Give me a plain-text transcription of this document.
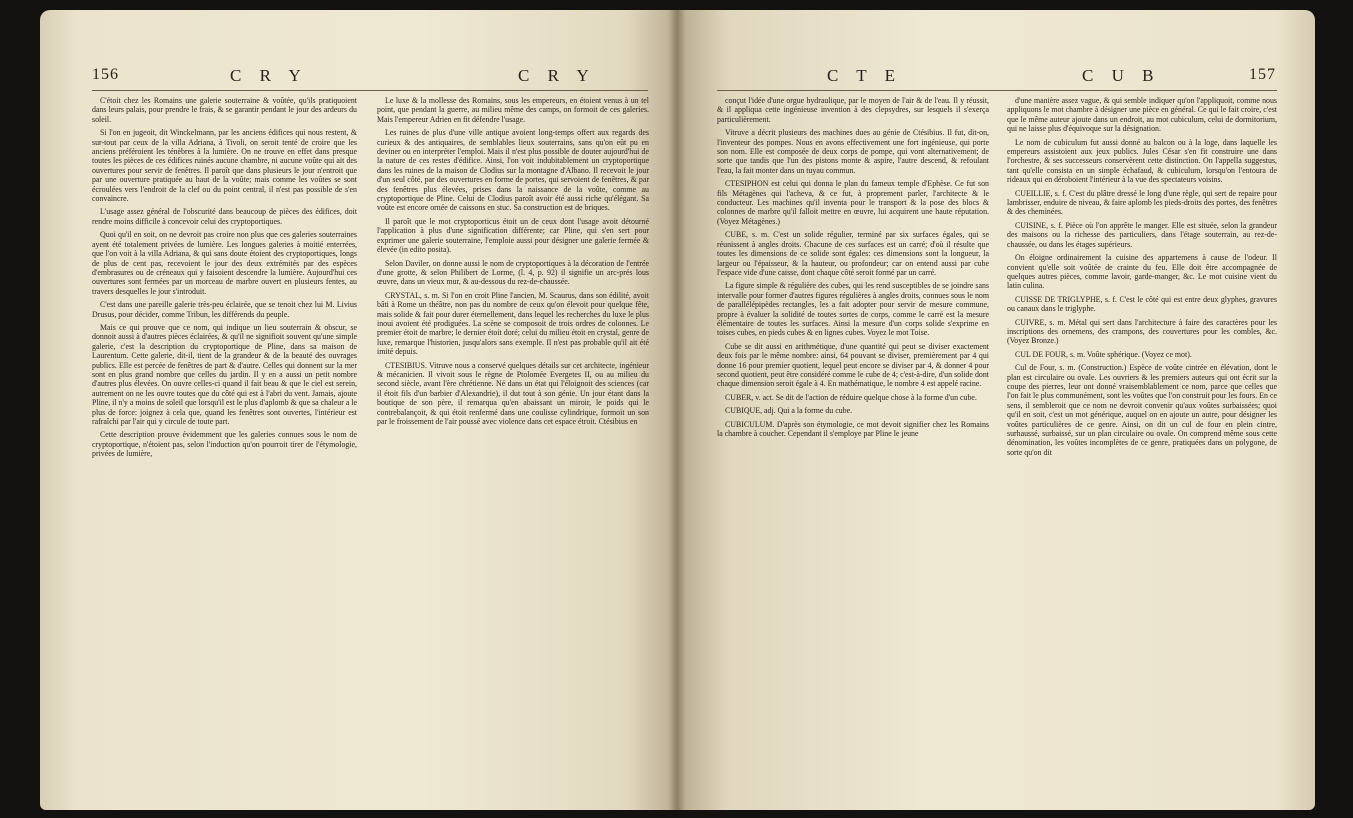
156	C R Y	C R Y

C'étoit chez les Romains une galerie souterraine & voûtée, qu'ils pratiquoient dans leurs palais, pour prendre le frais, & se garantir pendant le jour des ardeurs du soleil.

Si l'on en jugeoit, dit Winckelmann, par les anciens édifices qui nous restent, & sur-tout par ceux de la villa Adriana, à Tivoli, on seroit tenté de croire que les anciens préféroient les ténèbres à la lumière. On ne trouve en effet dans presque toutes les pièces de ces édifices ruinés aucune chambre, ni aucune voûte qui ait des ouvertures pour servir de fenêtres. Il paroît que dans plusieurs le jour n'entroit que par une ouverture pratiquée au haut de la voûte; mais comme les voûtes se sont écroulées vers l'endroit de la clef ou du point central, il n'est pas possible de s'en convaincre.

L'usage assez général de l'obscurité dans beaucoup de pièces des édifices, doit rendre moins difficile à concevoir celui des cryptoportiques.

Quoi qu'il en soit, on ne devroit pas croire non plus que ces galeries souterraines ayent été totalement privées de lumière. Les longues galeries à moitié enterrées, que l'on voit à la villa Adriana, & qui sans doute étoient des cryptoportiques, longs de plus de cent pas, recevoient le jour des deux extrémités par des espèces d'embrasures ou de créneaux qui y faisoient descendre la lumière. Aujourd'hui ces ouvertures sont fermées par un morceau de marbre ouvert en plusieurs fentes, au travers desquelles le jour s'introduit.

C'est dans une pareille galerie très-peu éclairée, que se tenoit chez lui M. Livius Drusus, pour décider, comme Tribun, les différends du peuple.

Mais ce qui prouve que ce nom, qui indique un lieu souterrain & obscur, se donnoit aussi à d'autres pièces éclairées, & qu'il ne signifioit souvent qu'une simple galerie, c'est la description du cryptoportique de Pline, dans sa maison de Laurentum. Cette galerie, dit-il, tient de la grandeur & de la beauté des ouvrages publics. Elle est percée de fenêtres de part & d'autre. Celles qui donnent sur la mer sont en plus grand nombre que celles du jardin. Il y en a aussi un petit nombre d'autres plus élevées. On ouvre celles-ci quand il fait beau & que le ciel est serein, autrement on ne les ouvre toutes que du côté qui est à l'abri du vent. Jamais, ajoute Pline, il n'y a moins de soleil que lorsqu'il est le plus d'aplomb & que sa chaleur a le plus de force: joignez à cela que, quand les fenêtres sont ouvertes, l'intérieur est rafraîchi par l'air qui y circule de toute part.

Cette description prouve évidemment que les galeries connues sous le nom de cryptoportique, n'étoient pas, selon l'induction qu'on pourroit tirer de l'étymologie, privées de lumière,

Le luxe & la mollesse des Romains, sous les empereurs, en étoient venus à un tel point, que pendant la guerre, au milieu même des camps, on formoit de ces galeries. Mais l'empereur Adrien en fit défendre l'usage.

Les ruines de plus d'une ville antique avoient long-temps offert aux regards des curieux & des antiquaires, de semblables lieux souterrains, sans qu'on eût pu en deviner ou en interpréter l'emploi. Mais il n'est plus possible de douter aujourd'hui de la nature de ces restes d'édifice. Ainsi, l'on voit indubitablement un cryptoportique dans les ruines de la maison de Clodius sur la montagne d'Albano. Il recevoit le jour d'un seul côté, par des ouvertures en forme de portes, qui servoient de fenêtres, & par des fenêtres plus élevées, prises dans la naissance de la voûte, comme au cryptoportique de Pline. Celui de Clodius paroît avoir été aussi riche qu'élégant. Sa voûte est encore ornée de caissons en stuc. Sa construction est de briques.

Il paroît que le mot cryptoporticus étoit un de ceux dont l'usage avoit détourné l'application à plus d'une signification différente; car Pline, qui s'en sert pour exprimer une galerie souterraine, l'emploie aussi pour désigner une galerie fermée & élevée (in edito posita).

Selon Daviler, on donne aussi le nom de cryptoportiques à la décoration de l'entrée d'une grotte, & selon Philibert de Lorme, (l. 4, p. 92) il signifie un arc-prés lous œuvre, dans un vieux mur, & au-dessous du rez-de-chaussée.

CRYSTAL, s. m. Si l'on en croit Pline l'ancien, M. Scaurus, dans son édilité, avoit bâti à Rome un théâtre, non pas du nombre de ceux qu'on élevoit pour quelque fête, mais solide & fait pour durer éternellement, dans lequel les recherches du luxe le plus inoui avoient été prodiguées. La scène se composoit de trois ordres de colonnes. Le premier étoit de marbre; le dernier étoit doré; celui du milieu étoit en crystal, genre de luxe, remarque l'historien, jusqu'alors sans exemple. Il n'est pas probable qu'il ait été imité depuis.

CTESIBIUS. Vitruve nous a conservé quelques détails sur cet architecte, ingénieur & mécanicien. Il vivoit sous le règne de Ptolomée Evergetes II, ou au milieu du second siècle, avant l'ère chrétienne. Né dans un état qui l'éloignoit des sciences (car il étoit fils d'un barbier d'Alexandrie), il dut tout à son génie. Un jour étant dans la boutique de son père, il remarqua qu'en abaissant un miroir, le poids qui le contrebalançoit, & qui étoit renfermé dans une coulisse cylindrique, formoit un son par le froissement de l'air poussé avec violence dans cet espace étroit. Ctésibius en

C T E	C U B	157

conçut l'idée d'une orgue hydraulique, par le moyen de l'air & de l'eau. Il y réussit, & il appliqua cette ingénieuse invention à des clepsydres, sur lesquels il s'exerça particulièrement.

Vitruve a décrit plusieurs des machines dues au génie de Ctésibius. Il fut, dit-on, l'inventeur des pompes. Nous en avons effectivement une fort ingénieuse, qui porte son nom. Elle est composée de deux corps de pompe, qui vont alternativement; de sorte que tandis que l'un des pistons monte & aspire, l'autre descend, & refoulant l'eau, la fait monter dans un tuyau commun.

CTESIPHON est celui qui donna le plan du fameux temple d'Ephèse. Ce fut son fils Métagènes qui l'acheva, & ce fut, à proprement parler, l'architecte & le conducteur. Les machines qu'il inventa pour le transport & la pose des blocs & colonnes de marbre qu'il falloit mettre en œuvre, lui acquirent une haute réputation. (Voyez Métagènes.)

CUBE, s. m. C'est un solide régulier, terminé par six surfaces égales, qui se réunissent à angles droits. Chacune de ces surfaces est un carré; d'où il résulte que toutes les dimensions de ce solide sont égales: ces dimensions sont la longueur, la largeur ou l'épaisseur, & la hauteur, ou profondeur; car on entend aussi par cube l'espace vide d'une caisse, dont chaque côté seroit formé par un carré.

La figure simple & régulière des cubes, qui les rend susceptibles de se joindre sans intervalle pour former d'autres figures régulières à angles droits, connues sous le nom de parallélépipèdes rectangles, les a fait adopter pour servir de mesure commune, propre à évaluer la solidité de toutes sortes de corps, comme le carré est la mesure élémentaire de toutes les surfaces. Ainsi la mesure d'un corps solide s'exprime en toises cubes, en pieds cubes & en lignes cubes. Voyez le mot Toise.

Cube se dit aussi en arithmétique, d'une quantité qui peut se diviser exactement deux fois par le même nombre: ainsi, 64 pouvant se diviser, premièrement par 4 qui donne 16 pour premier quotient, lequel peut encore se diviser par 4, & donner 4 pour second quotient, peut être considéré comme le cube de 4; c'est-à-dire, d'un solide dont chaque dimension seroit égale à 4. En mathématique, le nombre 4 est appelé racine.

CUBER, v. act. Se dit de l'action de réduire quelque chose à la forme d'un cube.

CUBIQUE, adj. Qui a la forme du cube.

CUBICULUM. D'après son étymologie, ce mot devoit signifier chez les Romains la chambre à coucher. Cependant il s'employe par Pline le jeune

d'une manière assez vague, & qui semble indiquer qu'on l'appliquoit, comme nous appliquons le mot chambre à désigner une pièce en général. Ce qui le fait croire, c'est que le même auteur ajoute dans un endroit, au mot cubiculum, celui de dormitorium, qui ne laisse plus d'équivoque sur la désignation.

Le nom de cubiculum fut aussi donné au balcon ou à la loge, dans laquelle les empereurs assistoient aux jeux publics. Jules César s'en fit construire une dans l'orchestre, & ses successeurs conservèrent cette distinction. On l'appella suggestus, tant qu'elle consista en un simple échafaud, & cubiculum, lorsqu'on l'entoura de rideaux qui en déroboient l'intérieur à la vue des spectateurs voisins.

CUEILLIE, s. f. C'est du plâtre dressé le long d'une règle, qui sert de repaire pour lambrisser, enduire de niveau, & faire aplomb les pieds-droits des portes, des fenêtres & des cheminées.

CUISINE, s. f. Pièce où l'on apprête le manger. Elle est située, selon la grandeur des maisons ou la richesse des particuliers, dans l'étage souterrain, au rez-de-chaussée, ou dans les étages supérieurs.

On éloigne ordinairement la cuisine des appartemens à cause de l'odeur. Il convient qu'elle soit voûtée de crainte du feu. Elle doit être accompagnée de quelques autres pièces, comme lavoir, garde-manger, &c. Le mot cuisine vient du latin culina.

CUISSE DE TRIGLYPHE, s. f. C'est le côté qui est entre deux glyphes, gravures ou canaux dans le triglyphe.

CUIVRE, s. m. Métal qui sert dans l'architecture à faire des caractères pour les inscriptions des ornemens, des crampons, des couvertures pour les combles, &c. (Voyez Bronze.)

CUL DE FOUR, s. m. Voûte sphérique. (Voyez ce mot).

Cul de Four, s. m. (Construction.) Espèce de voûte cintrée en élévation, dont le plan est circulaire ou ovale. Les ouvriers & les premiers auteurs qui ont écrit sur la coupe des pierres, leur ont donné vraisemblablement ce nom, parce que celles que l'on fait le plus communément, sont les voûtes que l'on construit pour les fours. En ce sens, il sembleroit que ce nom ne devroit convenir qu'aux voûtes surbaissées; quoi qu'il en soit, c'est un mot générique, auquel on en ajoute un autre, pour désigner les voûtes particulières de ce genre. Ainsi, on dit un cul de four en plein cintre, surhaussé, surbaissé, sur un plan circulaire ou ovale. On comprend même sous cette dénomination, les voûtes incomplètes de ce genre, pratiquées dans un polygone, de sorte qu'on dit
